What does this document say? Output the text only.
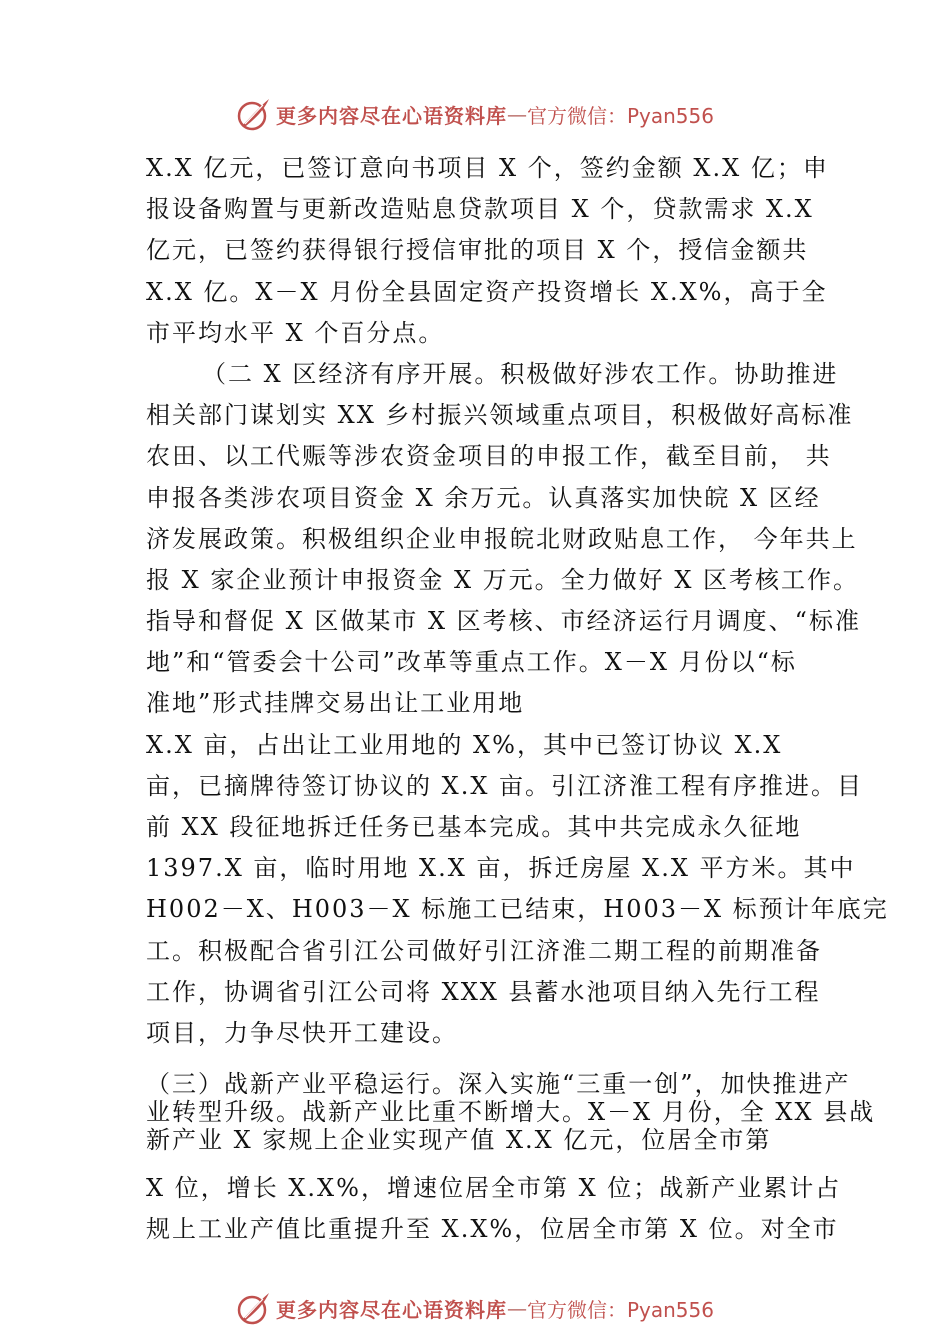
更多内容尽在心语资料库 — 官方微信：Pyan556
X.X 亿元，已签订意向书项目 X 个，签约金额 X.X 亿；申
报设备购置与更新改造贴息贷款项目 X 个，贷款需求 X.X
亿元，已签约获得银行授信审批的项目 X 个，授信金额共
X.X 亿。X－X 月份全县固定资产投资增长 X.X%，高于全
市平均水平 X 个百分点。
（二 X 区经济有序开展。积极做好涉农工作。协助推进
相关部门谋划实 XX 乡村振兴领域重点项目，积极做好高标准
农田、以工代赈等涉农资金项目的申报工作，截至目前， 共
申报各类涉农项目资金 X 余万元。认真落实加快皖 X 区经
济发展政策。积极组织企业申报皖北财政贴息工作， 今年共上
报 X 家企业预计申报资金 X 万元。全力做好 X 区考核工作。
指导和督促 X 区做某市 X 区考核、市经济运行月调度、“标准
地”和“管委会十公司”改革等重点工作。X－X 月份以“标
准地”形式挂牌交易出让工业用地
X.X 亩，占出让工业用地的 X%，其中已签订协议 X.X
亩，已摘牌待签订协议的 X.X 亩。引江济淮工程有序推进。目
前 XX 段征地拆迁任务已基本完成。其中共完成永久征地
1397.X 亩，临时用地 X.X 亩，拆迁房屋 X.X 平方米。其中
H002－X、H003－X 标施工已结束，H003－X 标预计年底完
工。积极配合省引江公司做好引江济淮二期工程的前期准备
工作，协调省引江公司将 XXX 县蓄水池项目纳入先行工程
项目，力争尽快开工建设。
（三）战新产业平稳运行。深入实施“三重一创”，加快推进产
业转型升级。战新产业比重不断增大。X－X 月份，全 XX 县战
新产业 X 家规上企业实现产值 X.X 亿元，位居全市第
X 位，增长 X.X%，增速位居全市第 X 位；战新产业累计占
规上工业产值比重提升至 X.X%，位居全市第 X 位。对全市
更多内容尽在心语资料库 — 官方微信：Pyan556
